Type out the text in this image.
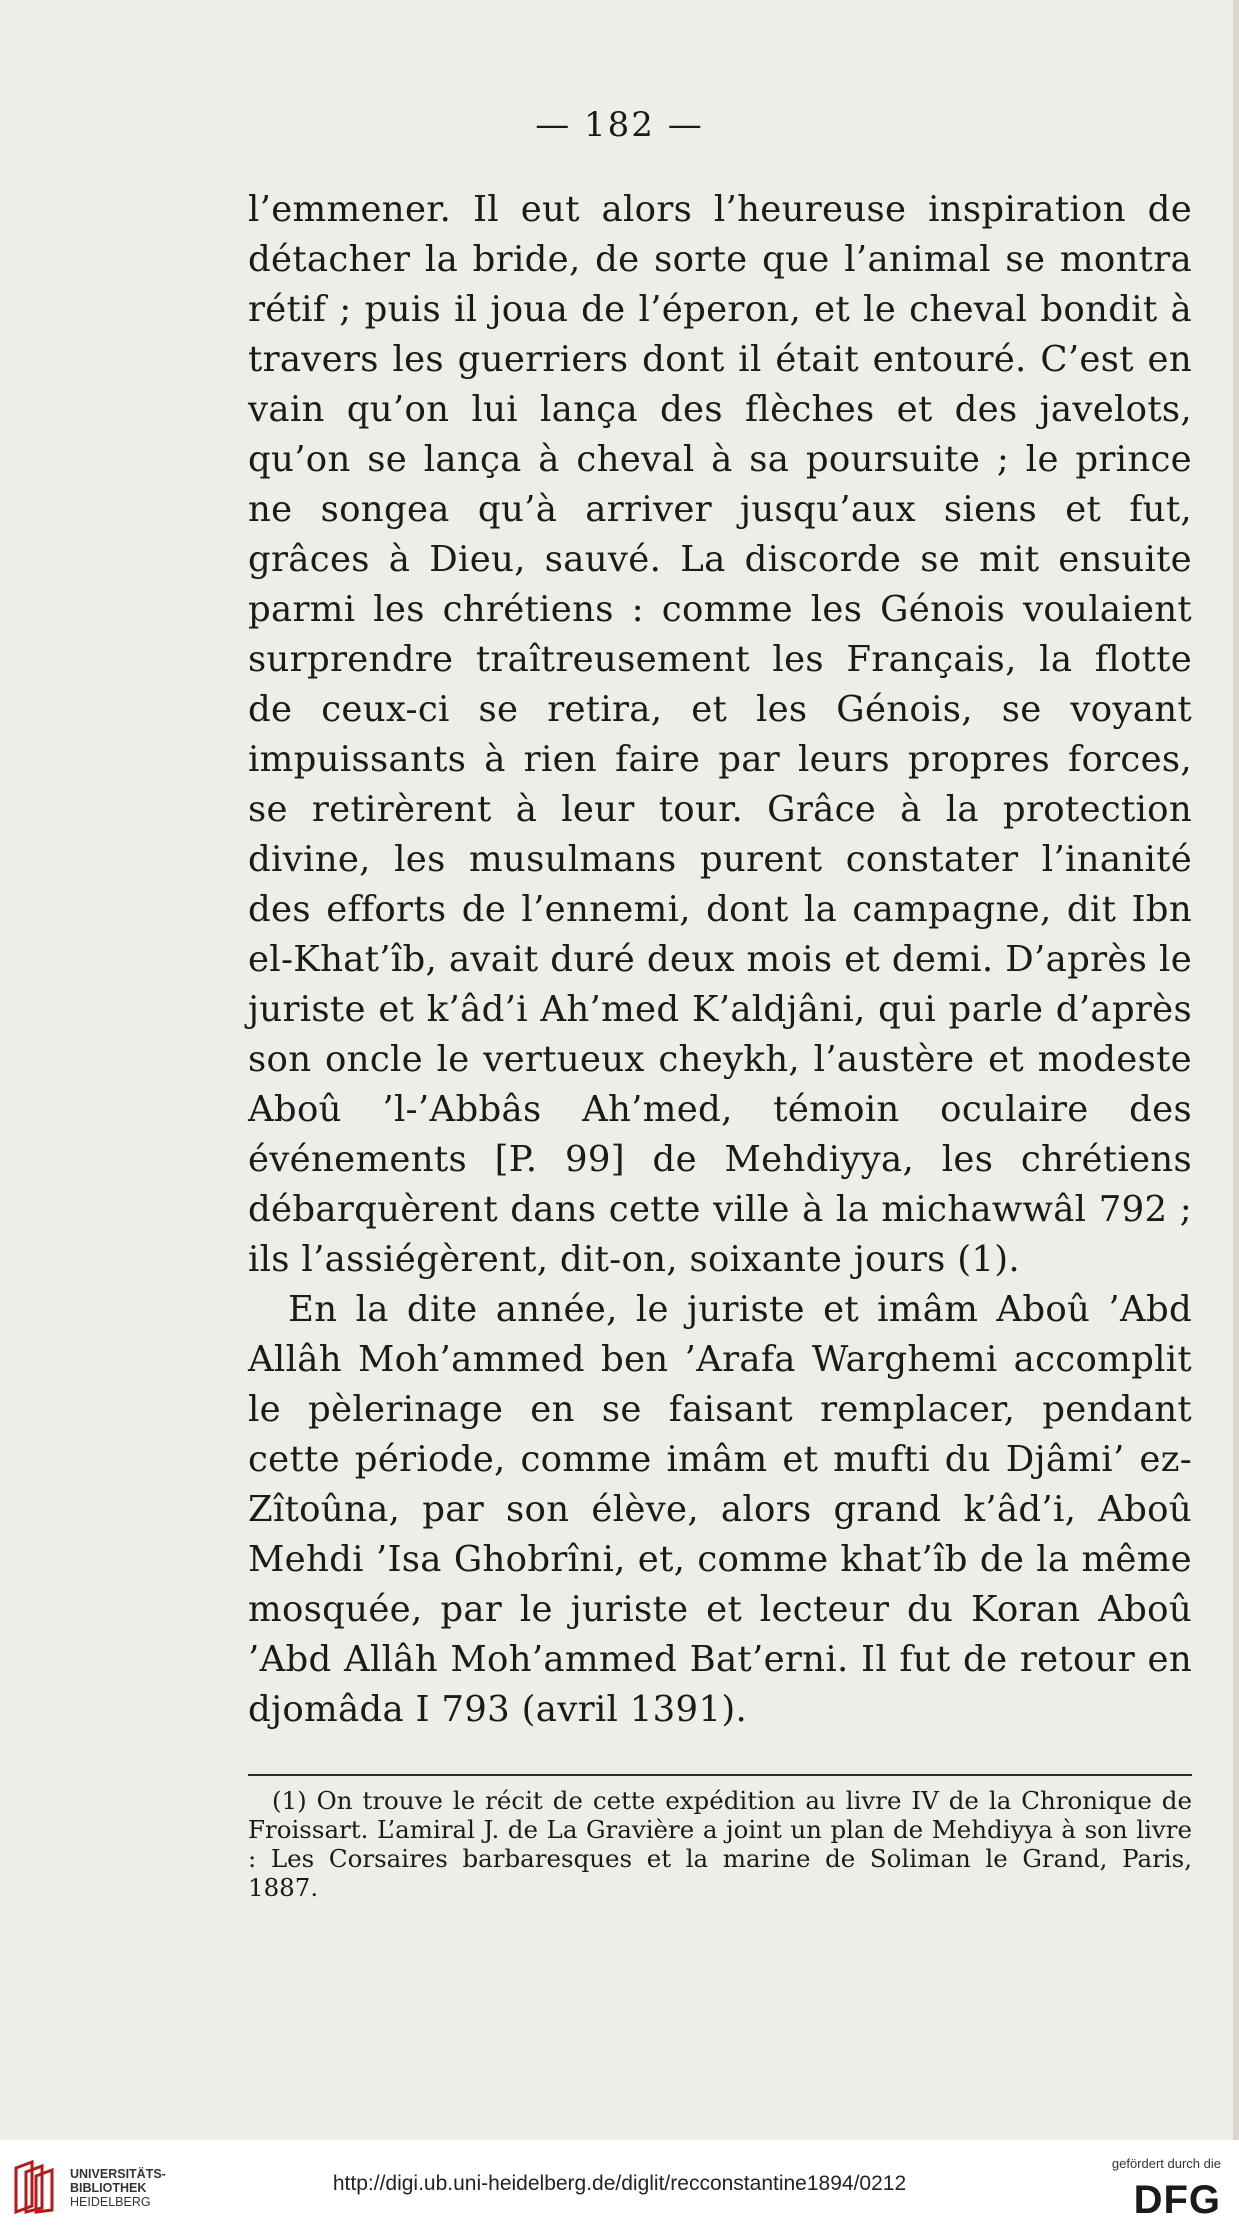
— 182 —

l’emmener. Il eut alors l’heureuse inspiration de détacher la bride, de sorte que l’animal se montra rétif ; puis il joua de l’éperon, et le cheval bondit à travers les guerriers dont il était entouré. C’est en vain qu’on lui lança des flèches et des javelots, qu’on se lança à cheval à sa poursuite ; le prince ne songea qu’à arriver jusqu’aux siens et fut, grâces à Dieu, sauvé. La discorde se mit ensuite parmi les chrétiens : comme les Génois voulaient surprendre traîtreusement les Français, la flotte de ceux-ci se retira, et les Génois, se voyant impuissants à rien faire par leurs propres forces, se retirèrent à leur tour. Grâce à la protection divine, les musulmans purent constater l’inanité des efforts de l’ennemi, dont la campagne, dit Ibn el-Khat’îb, avait duré deux mois et demi. D’après le juriste et k’âd’i Ah’med K’aldjâni, qui parle d’après son oncle le vertueux cheykh, l’austère et modeste Aboû ’l-’Abbâs Ah’med, témoin oculaire des événements [P. 99] de Mehdiyya, les chrétiens débarquèrent dans cette ville à la michawwâl 792 ; ils l’assiégèrent, dit-on, soixante jours (1).

En la dite année, le juriste et imâm Aboû ’Abd Allâh Moh’ammed ben ’Arafa Warghemi accomplit le pèlerinage en se faisant remplacer, pendant cette période, comme imâm et mufti du Djâmi’ ez-Zîtoûna, par son élève, alors grand k’âd’i, Aboû Mehdi ’Isa Ghobrîni, et, comme khat’îb de la même mosquée, par le juriste et lecteur du Koran Aboû ’Abd Allâh Moh’ammed Bat’erni. Il fut de retour en djomâda I 793 (avril 1391).

(1) On trouve le récit de cette expédition au livre IV de la Chronique de Froissart. L’amiral J. de La Gravière a joint un plan de Mehdiyya à son livre : Les Corsaires barbaresques et la marine de Soliman le Grand, Paris, 1887.

UNIVERSITÄTS-
BIBLIOTHEK
HEIDELBERG
http://digi.ub.uni-heidelberg.de/diglit/recconstantine1894/0212
gefördert durch die
DFG
